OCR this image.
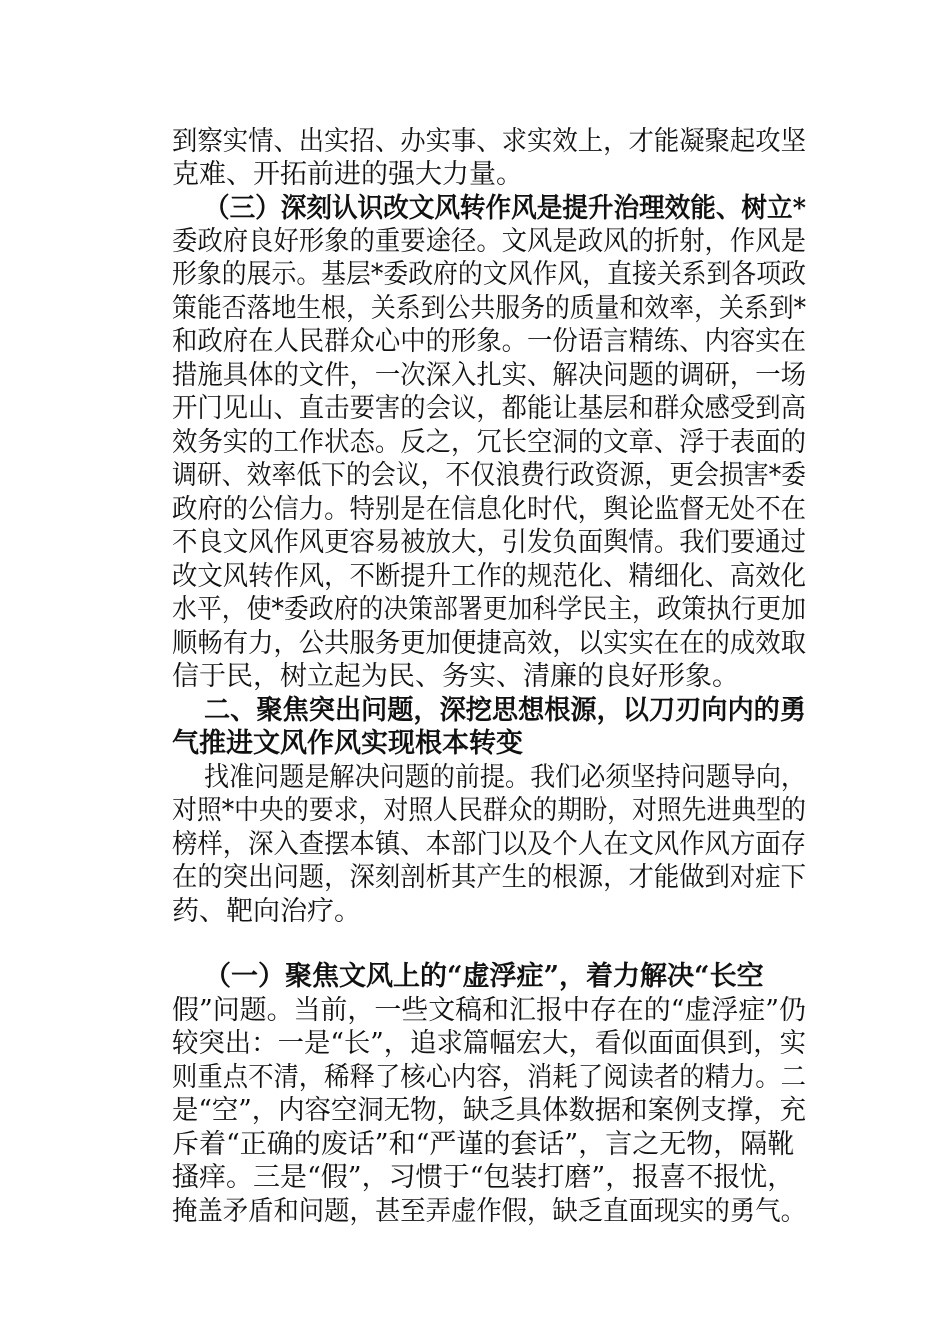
到察实情、出实招、办实事、求实效上，才能凝聚起攻坚
克难、开拓前进的强大力量。
（三）深刻认识改文风转作风是提升治理效能、树立*
委政府良好形象的重要途径。文风是政风的折射，作风是
形象的展示。基层*委政府的文风作风，直接关系到各项政
策能否落地生根，关系到公共服务的质量和效率，关系到*
和政府在人民群众心中的形象。一份语言精练、内容实在
措施具体的文件，一次深入扎实、解决问题的调研，一场
开门见山、直击要害的会议，都能让基层和群众感受到高
效务实的工作状态。反之，冗长空洞的文章、浮于表面的
调研、效率低下的会议，不仅浪费行政资源，更会损害*委
政府的公信力。特别是在信息化时代，舆论监督无处不在
不良文风作风更容易被放大，引发负面舆情。我们要通过
改文风转作风，不断提升工作的规范化、精细化、高效化
水平，使*委政府的决策部署更加科学民主，政策执行更加
顺畅有力，公共服务更加便捷高效，以实实在在的成效取
信于民，树立起为民、务实、清廉的良好形象。
二、聚焦突出问题，深挖思想根源，以刀刃向内的勇
气推进文风作风实现根本转变
找准问题是解决问题的前提。我们必须坚持问题导向，
对照*中央的要求，对照人民群众的期盼，对照先进典型的
榜样，深入查摆本镇、本部门以及个人在文风作风方面存
在的突出问题，深刻剖析其产生的根源，才能做到对症下
药、靶向治疗。
（一）聚焦文风上的“虚浮症”，着力解决“长空
假”问题。当前，一些文稿和汇报中存在的“虚浮症”仍
较突出：一是“长”，追求篇幅宏大，看似面面俱到，实
则重点不清，稀释了核心内容，消耗了阅读者的精力。二
是“空”，内容空洞无物，缺乏具体数据和案例支撑，充
斥着“正确的废话”和“严谨的套话”，言之无物，隔靴
搔痒。三是“假”，习惯于“包装打磨”，报喜不报忧，
掩盖矛盾和问题，甚至弄虚作假，缺乏直面现实的勇气。
